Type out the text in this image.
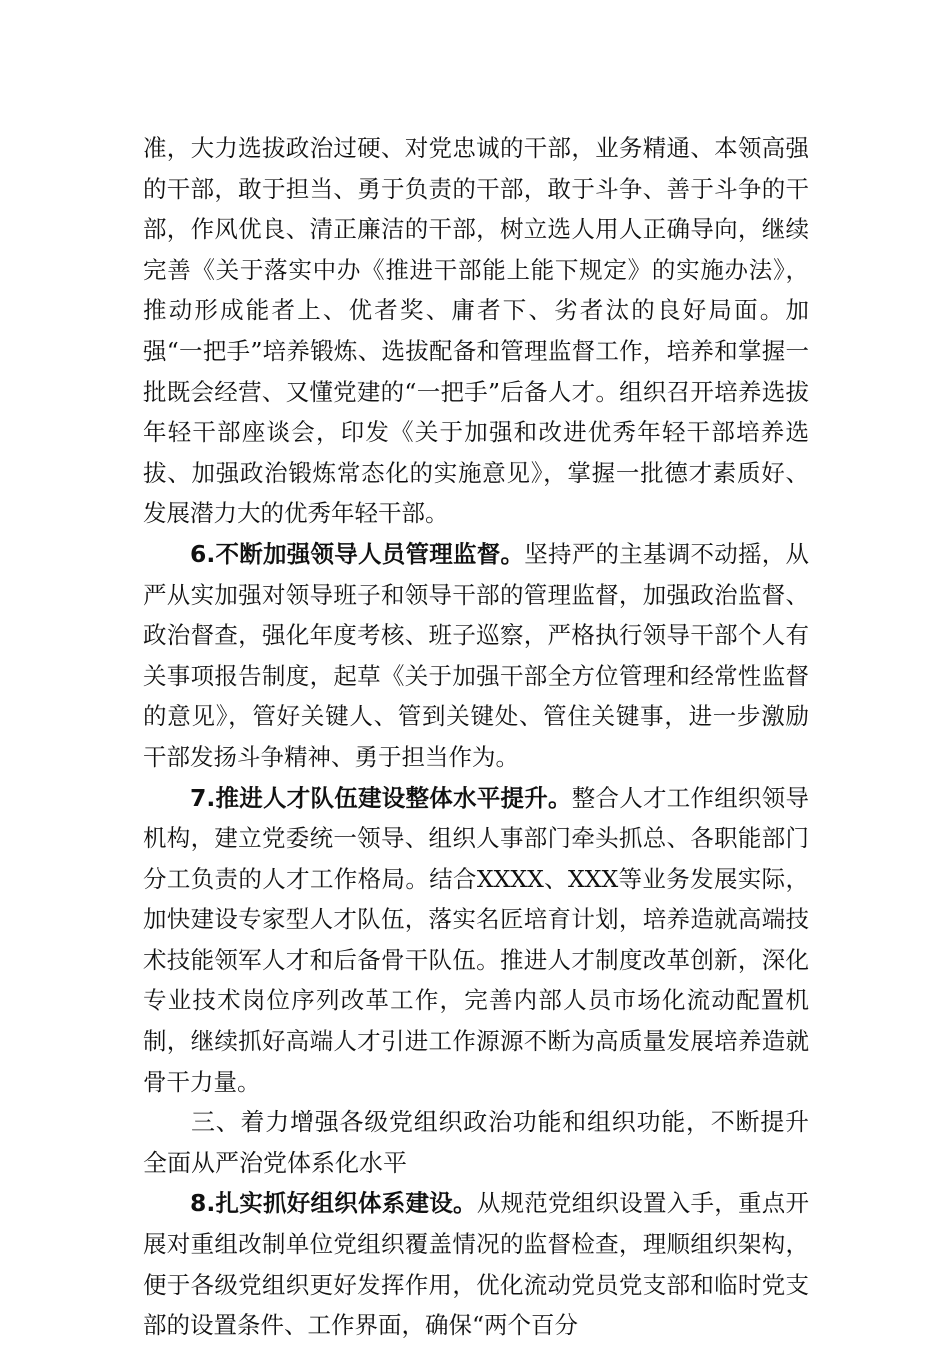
准，大力选拔政治过硬、对党忠诚的干部，业务精通、本领高强的干部，敢于担当、勇于负责的干部，敢于斗争、善于斗争的干部，作风优良、清正廉洁的干部，树立选人用人正确导向，继续完善《关于落实中办《推进干部能上能下规定》的实施办法》，推动形成能者上、优者奖、庸者下、劣者汰的良好局面。加强“一把手”培养锻炼、选拔配备和管理监督工作，培养和掌握一批既会经营、又懂党建的“一把手”后备人才。组织召开培养选拔年轻干部座谈会，印发《关于加强和改进优秀年轻干部培养选拔、加强政治锻炼常态化的实施意见》，掌握一批德才素质好、发展潜力大的优秀年轻干部。

6.不断加强领导人员管理监督。坚持严的主基调不动摇，从严从实加强对领导班子和领导干部的管理监督，加强政治监督、政治督查，强化年度考核、班子巡察，严格执行领导干部个人有关事项报告制度，起草《关于加强干部全方位管理和经常性监督的意见》，管好关键人、管到关键处、管住关键事，进一步激励干部发扬斗争精神、勇于担当作为。

7.推进人才队伍建设整体水平提升。整合人才工作组织领导机构，建立党委统一领导、组织人事部门牵头抓总、各职能部门分工负责的人才工作格局。结合XXXX、XXX等业务发展实际，加快建设专家型人才队伍，落实名匠培育计划，培养造就高端技术技能领军人才和后备骨干队伍。推进人才制度改革创新，深化专业技术岗位序列改革工作，完善内部人员市场化流动配置机制，继续抓好高端人才引进工作源源不断为高质量发展培养造就骨干力量。

三、着力增强各级党组织政治功能和组织功能，不断提升全面从严治党体系化水平

8.扎实抓好组织体系建设。从规范党组织设置入手，重点开展对重组改制单位党组织覆盖情况的监督检查，理顺组织架构，便于各级党组织更好发挥作用，优化流动党员党支部和临时党支部的设置条件、工作界面，确保“两个百分
